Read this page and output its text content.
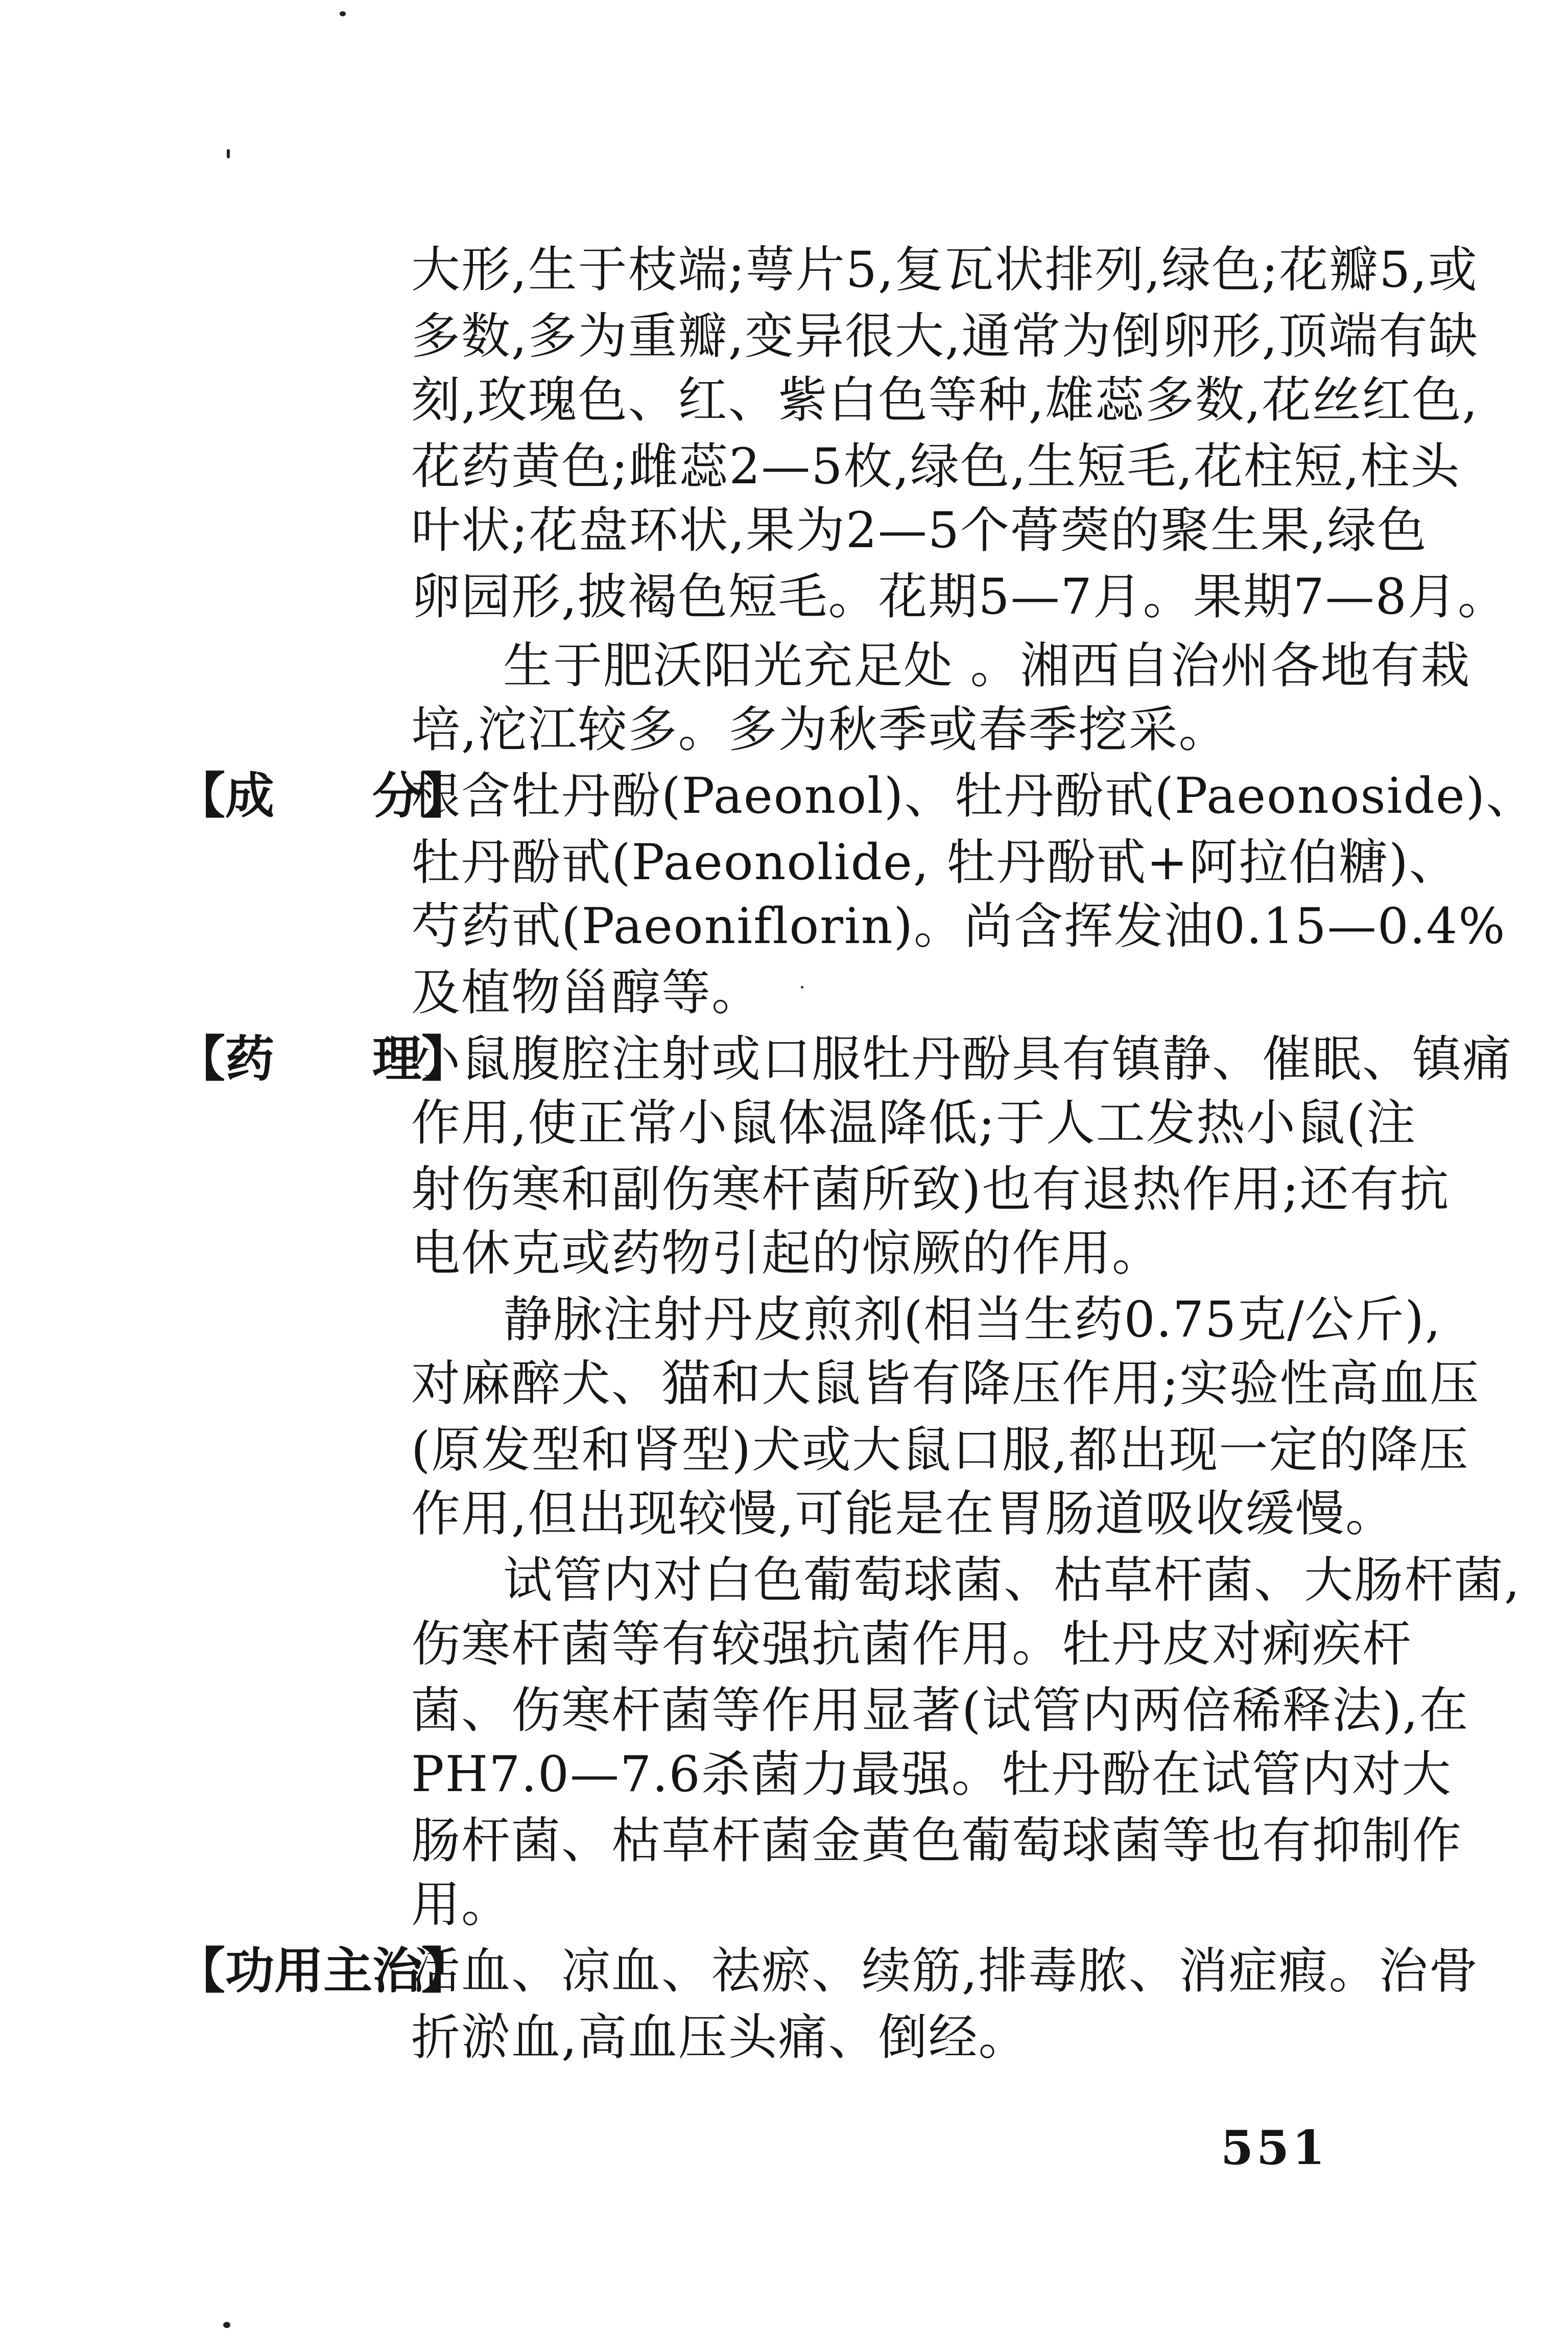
大形,生于枝端;萼片5,复瓦状排列,绿色;花瓣5,或
多数,多为重瓣,变异很大,通常为倒卵形,顶端有缺
刻,玫瑰色、红、紫白色等种,雄蕊多数,花丝红色,
花药黄色;雌蕊2—5枚,绿色,生短毛,花柱短,柱头
叶状;花盘环状,果为2—5个蓇葖的聚生果,绿色
卵园形,披褐色短毛。花期5—7月。果期7—8月。
生于肥沃阳光充足处 。湘西自治州各地有栽
培,沱江较多。多为秋季或春季挖采。
【成　　分】
根含牡丹酚(Paeonol)、牡丹酚甙(Paeonoside)、
牡丹酚甙(Paeonolide, 牡丹酚甙+阿拉伯糖)、
芍药甙(Paeoniflorin)。尚含挥发油0.15—0.4%
及植物甾醇等。
【药　　理】
小鼠腹腔注射或口服牡丹酚具有镇静、催眠、镇痛
作用,使正常小鼠体温降低;于人工发热小鼠(注
射伤寒和副伤寒杆菌所致)也有退热作用;还有抗
电休克或药物引起的惊厥的作用。
静脉注射丹皮煎剂(相当生药0.75克/公斤),
对麻醉犬、猫和大鼠皆有降压作用;实验性高血压
(原发型和肾型)犬或大鼠口服,都出现一定的降压
作用,但出现较慢,可能是在胃肠道吸收缓慢。
试管内对白色葡萄球菌、枯草杆菌、大肠杆菌,
伤寒杆菌等有较强抗菌作用。牡丹皮对痢疾杆
菌、伤寒杆菌等作用显著(试管内两倍稀释法),在
PH7.0—7.6杀菌力最强。牡丹酚在试管内对大
肠杆菌、枯草杆菌金黄色葡萄球菌等也有抑制作
用。
【功用主治】
活血、凉血、祛瘀、续筋,排毒脓、消症瘕。治骨
折淤血,高血压头痛、倒经。
551
